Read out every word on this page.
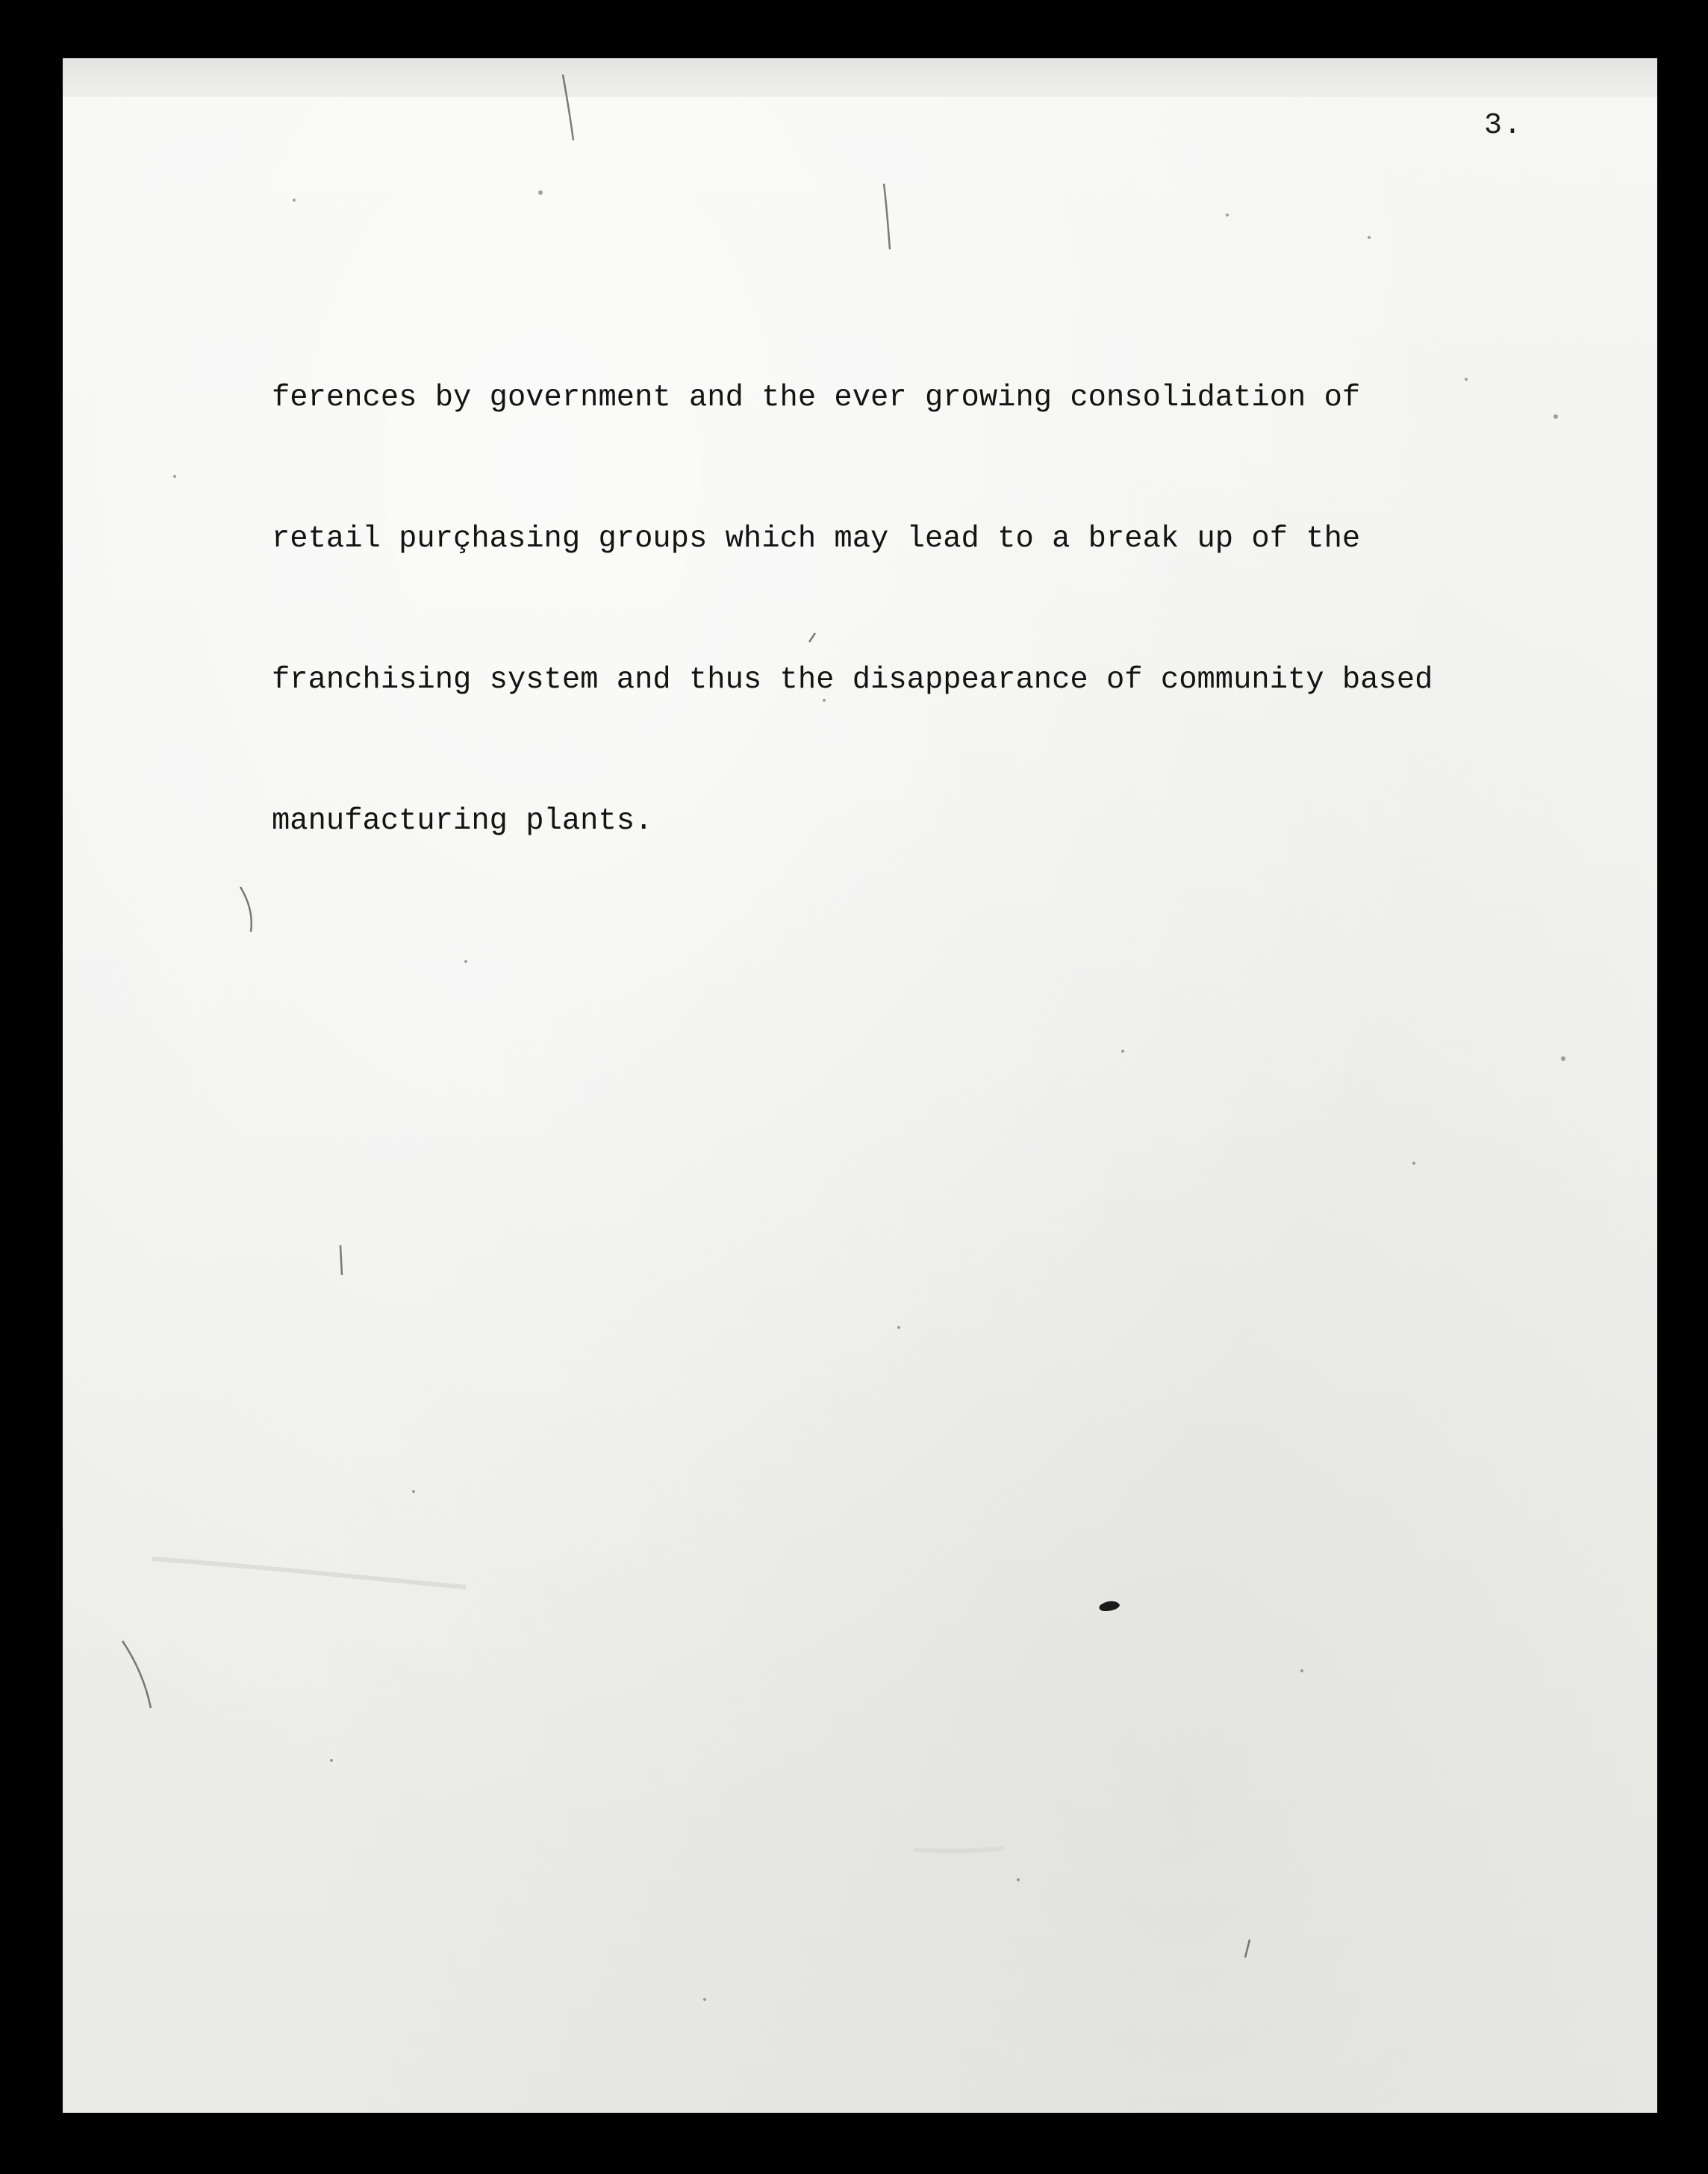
3.

ferences by government and the ever growing consolidation of

retail purçhasing groups which may lead to a break up of the

franchising system and thus the disappearance of community based

manufacturing plants.
